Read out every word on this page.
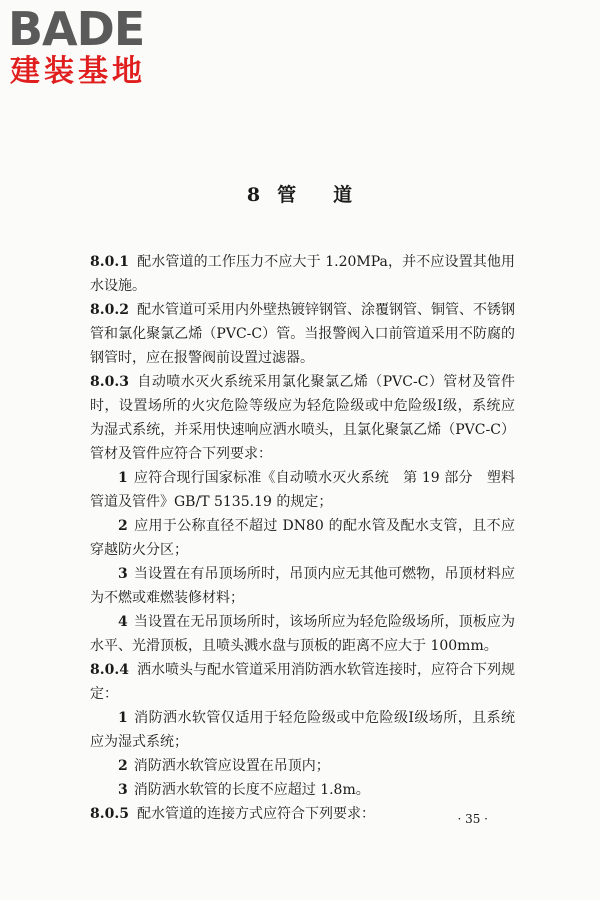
BADE
建装基地
8 管 道

8.0.1 配水管道的工作压力不应大于 1.20MPa，并不应设置其他用水设施。

8.0.2 配水管道可采用内外壁热镀锌钢管、涂覆钢管、铜管、不锈钢管和氯化聚氯乙烯（PVC-C）管。当报警阀入口前管道采用不防腐的钢管时，应在报警阀前设置过滤器。

8.0.3 自动喷水灭火系统采用氯化聚氯乙烯（PVC-C）管材及管件时，设置场所的火灾危险等级应为轻危险级或中危险级Ⅰ级，系统应为湿式系统，并采用快速响应洒水喷头，且氯化聚氯乙烯（PVC-C）管材及管件应符合下列要求：

1 应符合现行国家标准《自动喷水灭火系统　第 19 部分　塑料管道及管件》GB/T 5135.19 的规定；

2 应用于公称直径不超过 DN80 的配水管及配水支管，且不应穿越防火分区；

3 当设置在有吊顶场所时，吊顶内应无其他可燃物，吊顶材料应为不燃或难燃装修材料；

4 当设置在无吊顶场所时，该场所应为轻危险级场所，顶板应为水平、光滑顶板，且喷头溅水盘与顶板的距离不应大于 100mm。

8.0.4 洒水喷头与配水管道采用消防洒水软管连接时，应符合下列规定：

1 消防洒水软管仅适用于轻危险级或中危险级Ⅰ级场所，且系统应为湿式系统；

2 消防洒水软管应设置在吊顶内；

3 消防洒水软管的长度不应超过 1.8m。

8.0.5 配水管道的连接方式应符合下列要求：	· 35 ·
